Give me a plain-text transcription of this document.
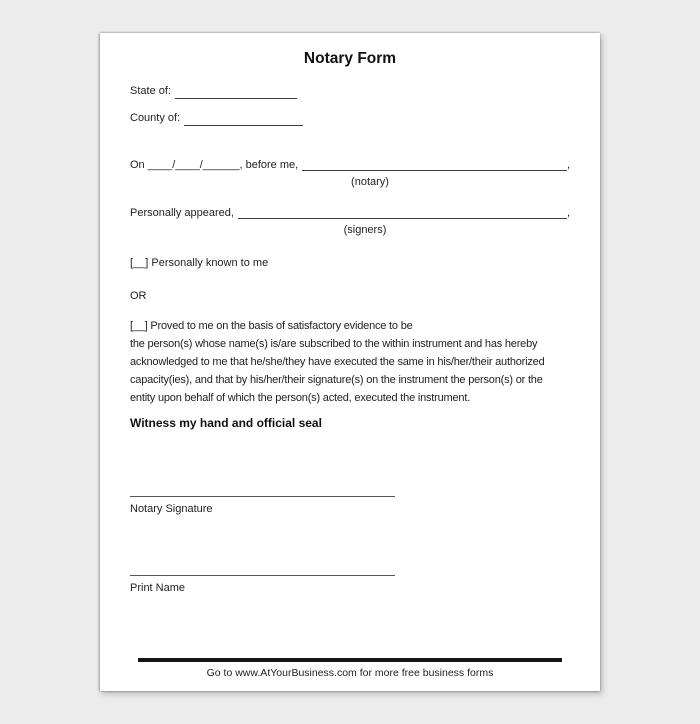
Notary Form
State of:
County of:
On ____/____/______, before me,	,
(notary)
Personally appeared,	,
(signers)
[__] Personally known to me
OR
[__] Proved to me on the basis of satisfactory evidence to be
the person(s) whose name(s) is/are subscribed to the within instrument and has hereby
acknowledged to me that he/she/they have executed the same in his/her/their authorized
capacity(ies), and that by his/her/their signature(s) on the instrument the person(s) or the
entity upon behalf of which the person(s) acted, executed the instrument.
Witness my hand and official seal
Notary Signature
Print Name
Go to www.AtYourBusiness.com for more free business forms
